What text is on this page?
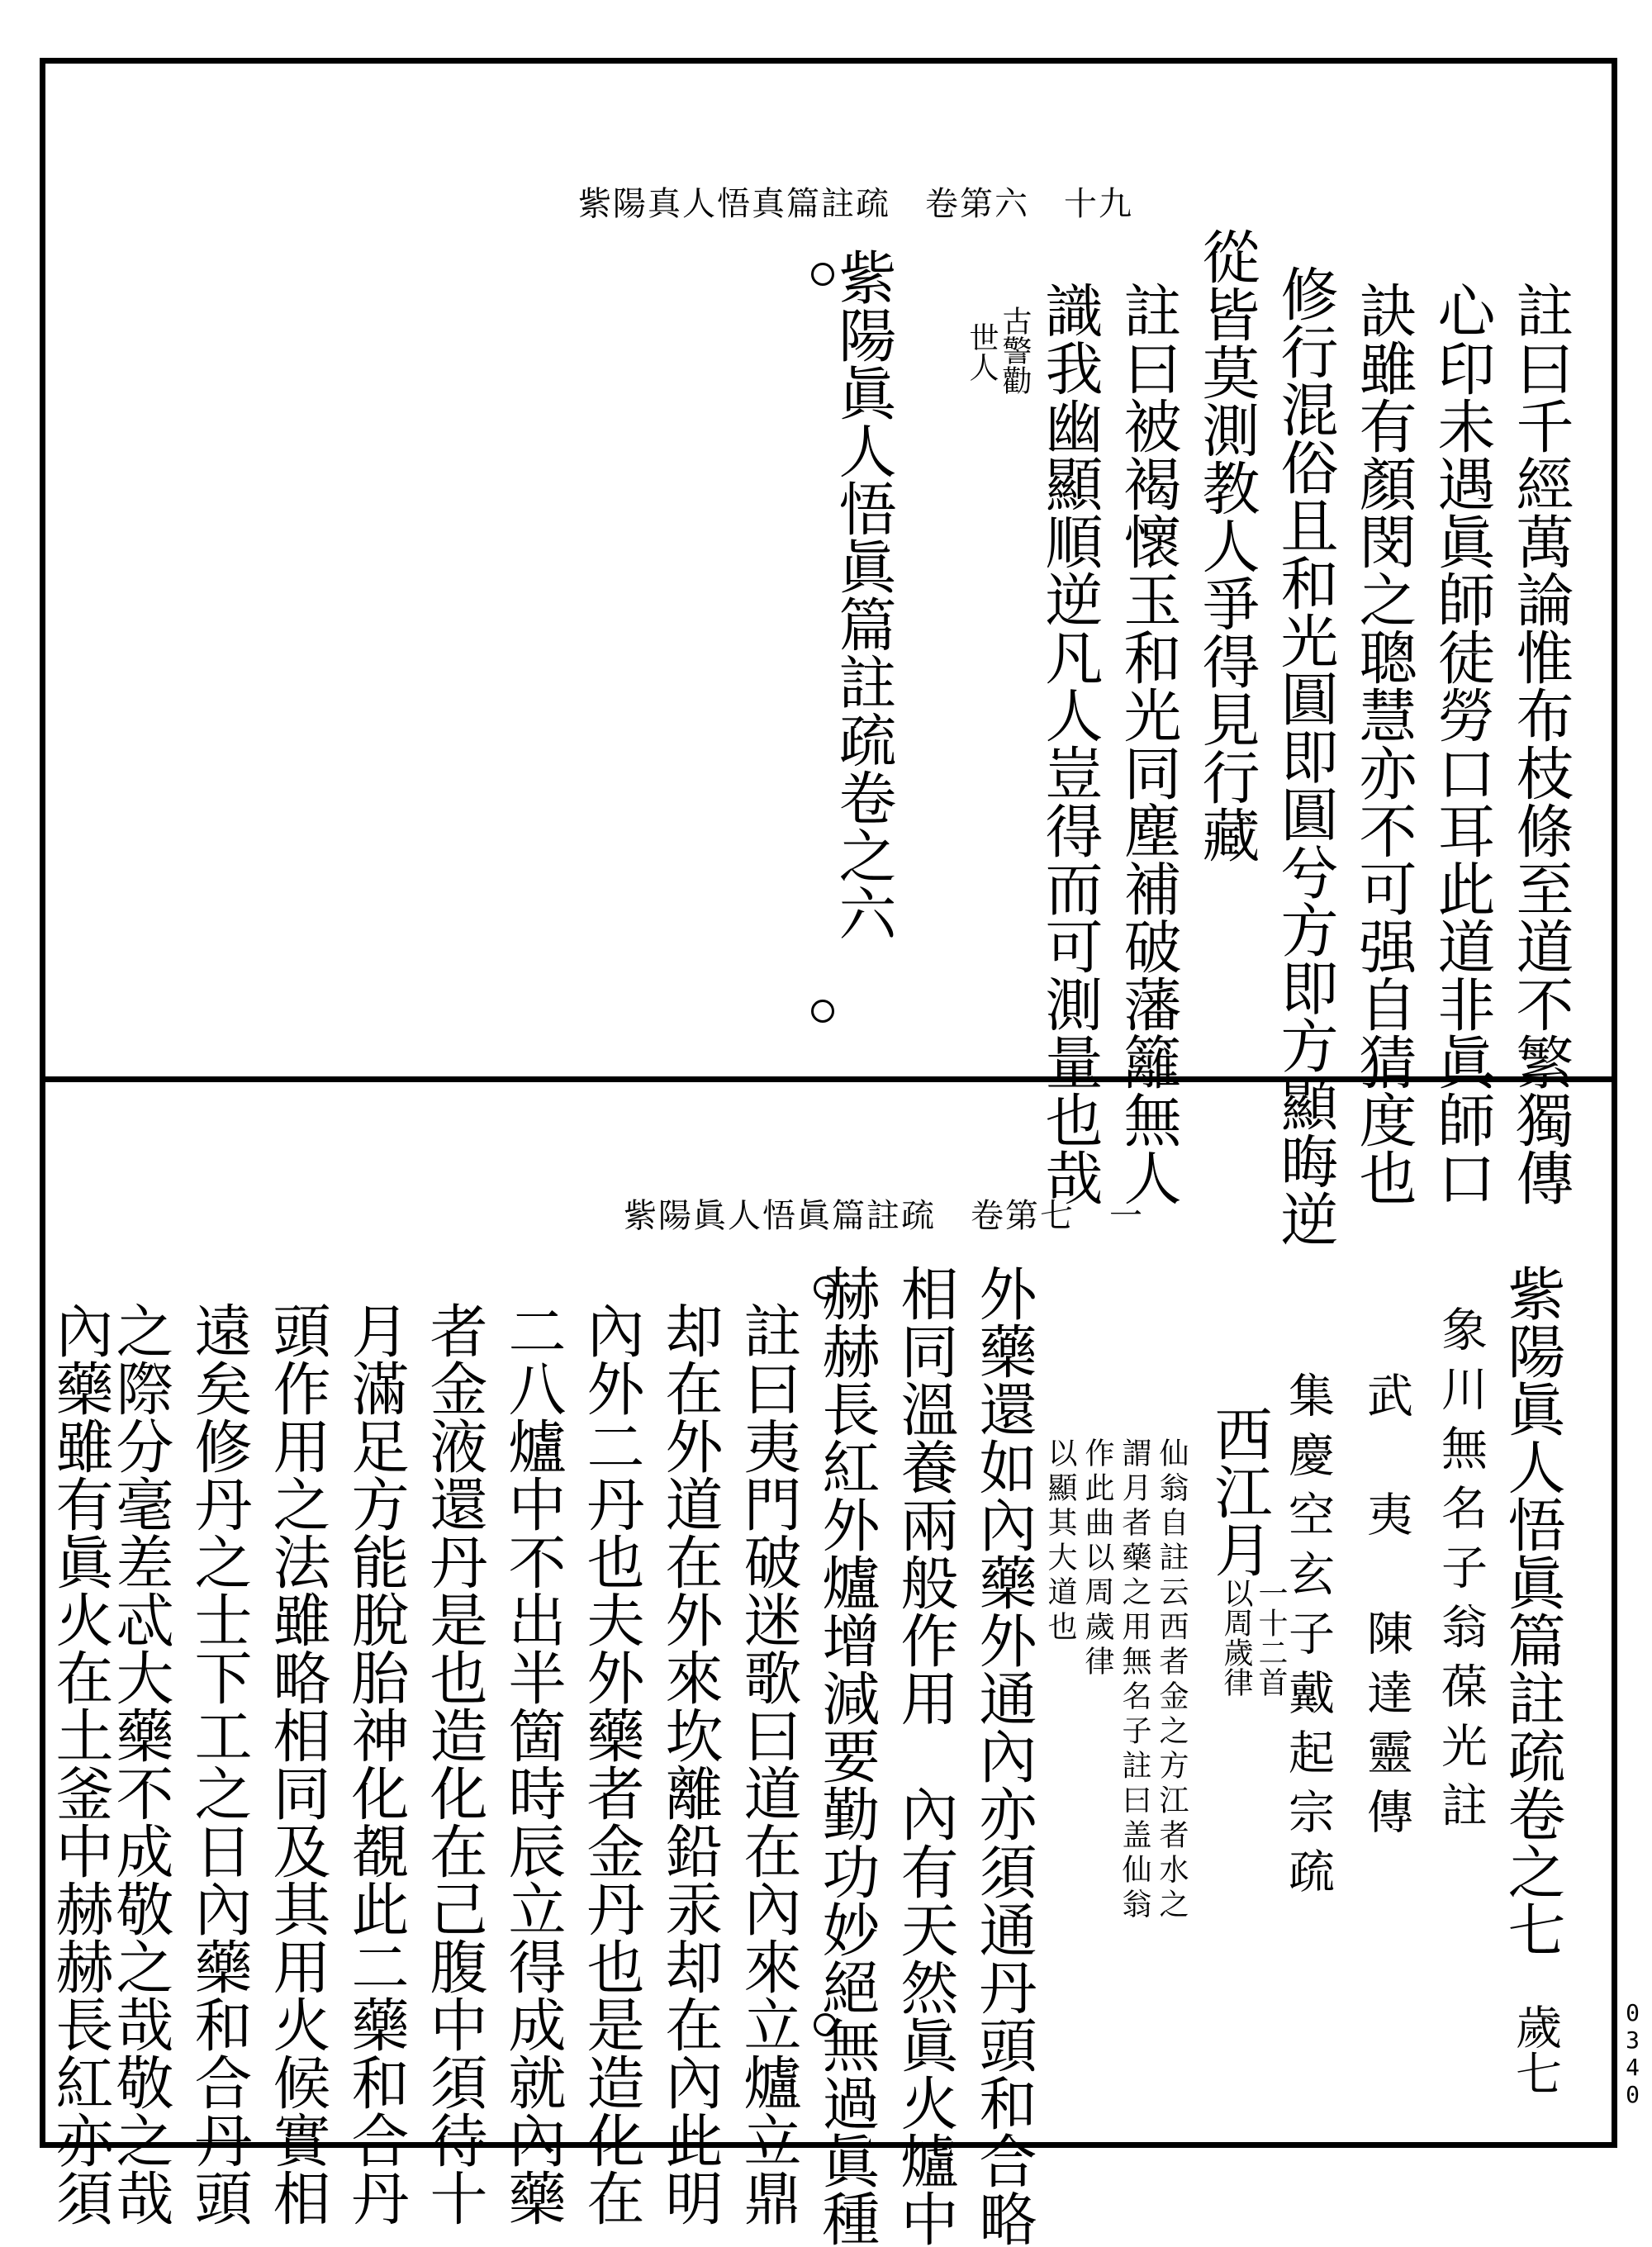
紫陽真人悟真篇註疏　卷第六　十九
註曰千經萬論惟布枝條至道不繁獨傳
心印未遇眞師徒勞口耳此道非眞師口
訣雖有顏閔之聰慧亦不可强自猜度也
修行混俗且和光圓即圓兮方即方顯晦逆
從皆莫測教人爭得見行藏
註曰被褐懷玉和光同塵補破藩籬無人
識我幽顯順逆凡人豈得而可測量也哉
古警勸
世人
紫陽眞人悟眞篇註疏卷之六
紫陽眞人悟眞篇註疏　卷第七　一
紫陽眞人悟眞篇註疏卷之七
歲七
象川無名子翁葆光註
武　夷　陳達靈傳
集慶空玄子戴起宗疏
西江月
一十二首
以周歲律
仙翁自註云西者金之方江者水之
謂月者藥之用無名子註曰盖仙翁
作此曲以周歲律
以顯其大道也
外藥還如內藥外通內亦須通丹頭和合略
相同溫養兩般作用　內有天然眞火爐中
赫赫長紅外爐增減要勤功妙絕無過眞種
註曰夷門破迷歌曰道在內來立爐立鼎
却在外道在外來坎離鉛汞却在內此明
內外二丹也夫外藥者金丹也是造化在
二八爐中不出半箇時辰立得成就內藥
者金液還丹是也造化在己腹中須待十
月滿足方能脫胎神化覩此二藥和合丹
頭作用之法雖略相同及其用火候實相
遠矣修丹之士下工之日內藥和合丹頭
之際分毫差忒大藥不成敬之哉敬之哉
內藥雖有眞火在土釜中赫赫長紅亦須	0340
